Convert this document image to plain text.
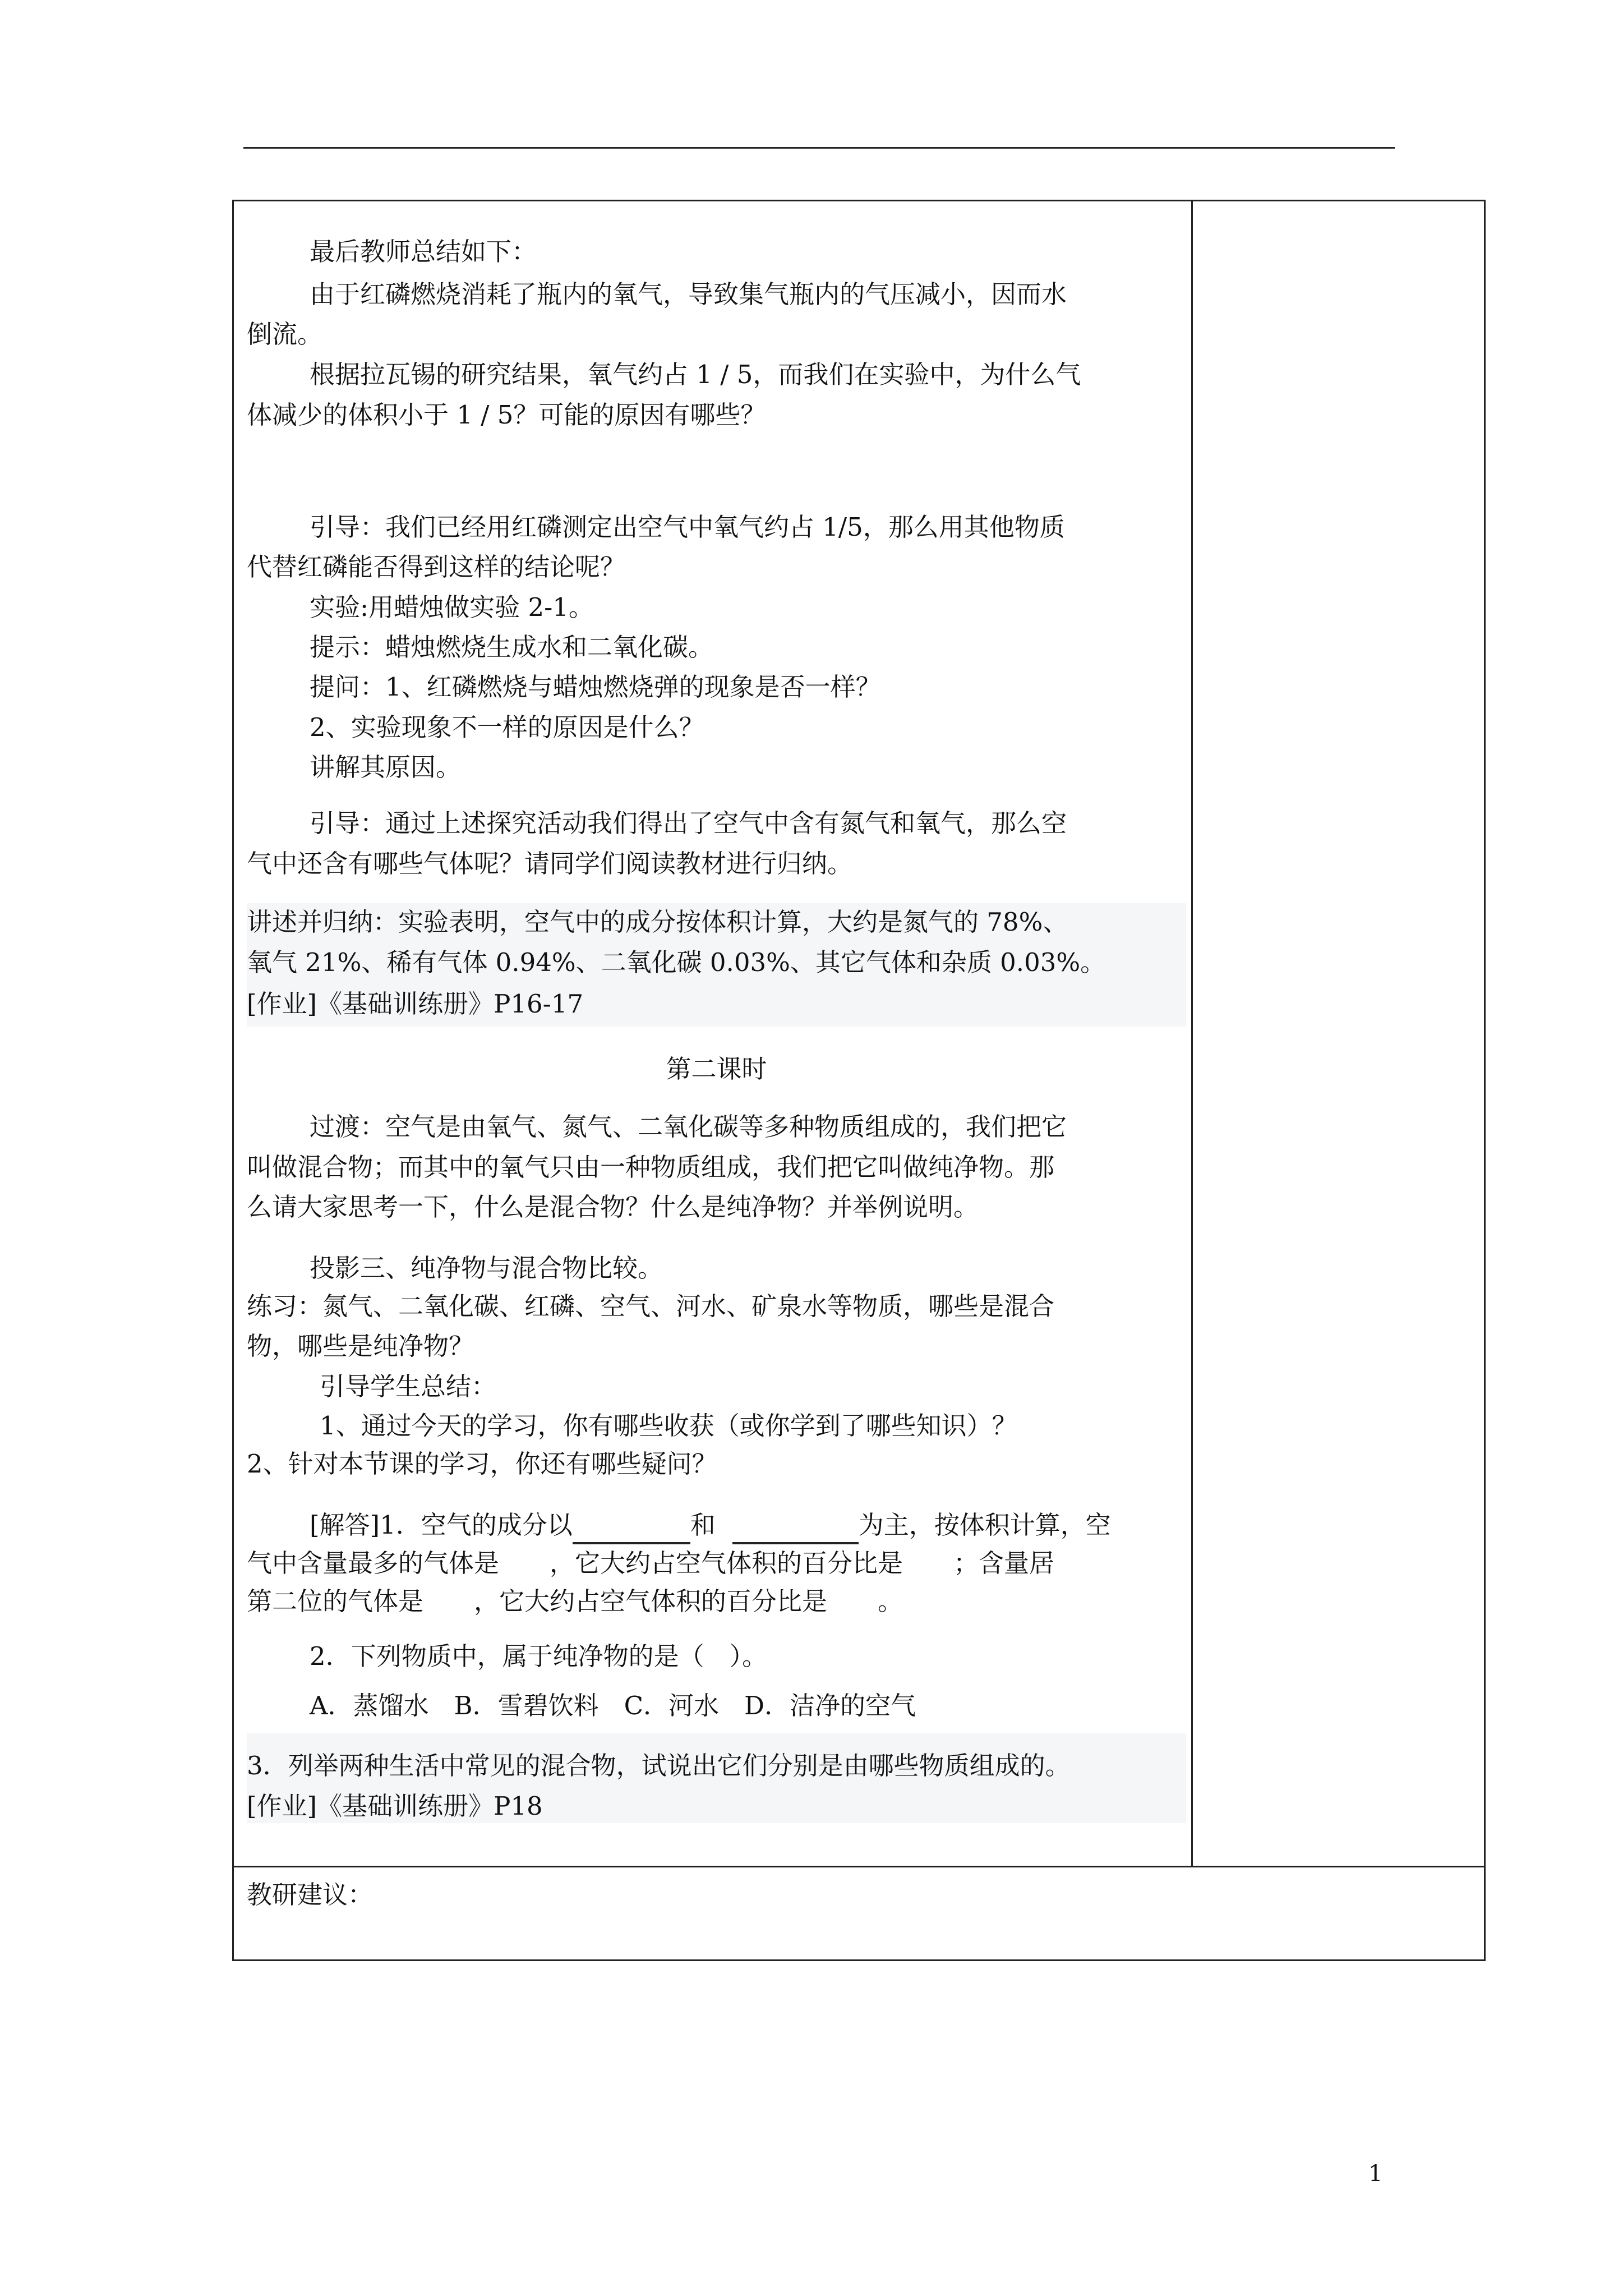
最后教师总结如下：
由于红磷燃烧消耗了瓶内的氧气，导致集气瓶内的气压减小，因而水
倒流。
根据拉瓦锡的研究结果，氧气约占 1 / 5，而我们在实验中，为什么气
体减少的体积小于 1 / 5？可能的原因有哪些？
引导：我们已经用红磷测定出空气中氧气约占 1/5，那么用其他物质
代替红磷能否得到这样的结论呢？
实验:用蜡烛做实验 2-1。
提示：蜡烛燃烧生成水和二氧化碳。
提问：1、红磷燃烧与蜡烛燃烧弹的现象是否一样？
2、实验现象不一样的原因是什么？
讲解其原因。
引导：通过上述探究活动我们得出了空气中含有氮气和氧气，那么空
气中还含有哪些气体呢？请同学们阅读教材进行归纳。
讲述并归纳：实验表明，空气中的成分按体积计算，大约是氮气的 78%、
氧气 21%、稀有气体 0.94%、二氧化碳 0.03%、其它气体和杂质 0.03%。
[作业]《基础训练册》P16-17
第二课时
过渡：空气是由氧气、氮气、二氧化碳等多种物质组成的，我们把它
叫做混合物；而其中的氧气只由一种物质组成，我们把它叫做纯净物。那
么请大家思考一下，什么是混合物？什么是纯净物？并举例说明。
投影三、纯净物与混合物比较。
练习：氮气、二氧化碳、红磷、空气、河水、矿泉水等物质，哪些是混合
物，哪些是纯净物？
引导学生总结：
1、通过今天的学习，你有哪些收获（或你学到了哪些知识）？
2、针对本节课的学习，你还有哪些疑问？
[解答]1．空气的成分以	和	为主，按体积计算，空
气中含量最多的气体是　　，它大约占空气体积的百分比是　　；含量居
第二位的气体是　　，它大约占空气体积的百分比是　　。
2．下列物质中，属于纯净物的是（　）。
A．蒸馏水　B．雪碧饮料　C．河水　D．洁净的空气
3．列举两种生活中常见的混合物，试说出它们分别是由哪些物质组成的。
[作业]《基础训练册》P18
教研建议：
1
